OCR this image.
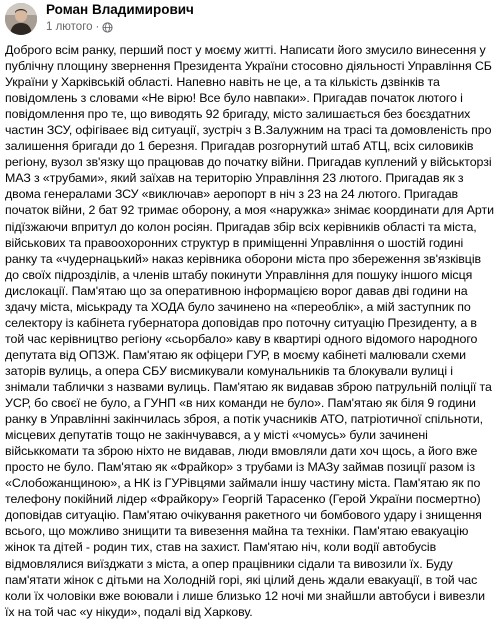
Роман Владимирович
1 лютого ·

Доброго всім ранку, перший пост у моєму житті. Написати його змусило винесення у публічну площину звернення Президента України стосовно діяльності Управління СБ України у Харківській області. Напевно навіть не це, а та кількість дзвінків та повідомлень з словами «Не вірю! Все було навпаки». Пригадав початок лютого і повідомлення про те, що виводять 92 бригаду, місто залишається без боєздатних частин ЗСУ, офігіваеє від ситуації, зустріч з В.Залужним на трасі та домовленість про залишення бригади до 1 березня. Пригадав розгорнутий штаб АТЦ, всіх силовиків регіону, вузол зв'язку що працював до початку війни. Пригадав куплений у військторзі МАЗ з «трубами», який заїхав на територію Управління 23 лютого. Пригадав як з двома генералами ЗСУ «виключав» аеропорт в ніч з 23 на 24 лютого. Пригадав початок війни, 2 бат 92 тримає оборону, а моя «наружка» знімає координати для Арти підїзжаючи впритул до колон росіян. Пригадав збір всіх керівників області та міста, військових та правоохоронних структур в приміщенні Управління о шостій годині ранку та «чудернацький» наказ керівника оборони міста про збереження зв'язківців до своїх підрозділів, а членів штабу покинути Управління для пошуку іншого місця дислокації. Пам'ятаю що за оперативною інформацією ворог давав дві години на здачу міста, міськраду та ХОДА було зачинено на «переоблік», а мій заступник по селектору із кабінета губернатора доповідав про поточну ситуацію Президенту, а в той час керівництво регіону «сьорбало» каву в квартирі одного відомого народного депутата від ОПЗЖ. Пам'ятаю як офіцери ГУР, в моєму кабінеті малювали схеми заторів вулиць, а опера СБУ висмикували комунальників та блокували вулиці і знімали таблички з назвами вулиць. Пам'ятаю як видавав зброю патрульній поліції та УСР, бо своєї не було, а ГУНП «в них команди не було». Пам'ятаю як біля 9 години ранку в Управлінні закінчилась зброя, а потік учасників АТО, патріотичної спільноти, місцевих депутатів тощо не закінчувався, а у місті «чомусь» були зачинені військкомати та зброю ніхто не видавав, люди вмовляли дати хоч щось, а його вже просто не було. Пам'ятаю як «Фрайкор» з трубами із МАЗу займав позиції разом із «Слобожанщиною», а НК із ГУРівцями займали іншу частину міста. Пам'ятаю як по телефону покійний лідер «Фрайкору» Георгій Тарасенко (Герой України посмертно) доповідав ситуацію. Пам'ятаю очікування ракетного чи бомбового удару і знищення всього, що можливо знищити та вивезення майна та техніки. Пам'ятаю евакуацію жінок та дітей - родин тих, став на захист. Пам'ятаю ніч, коли водії автобусів відмовлялися виїзджати з міста, а опер працівники сідали та вивозили їх. Буду пам'ятати жінок с дітьми на Холодній горі, які цілий день ждали евакуації, в той час коли їх чоловіки вже воювали і лише близько 12 ночі ми знайшли автобуси і вивезли їх на той час «у нікуди», подалі від Харкову.
